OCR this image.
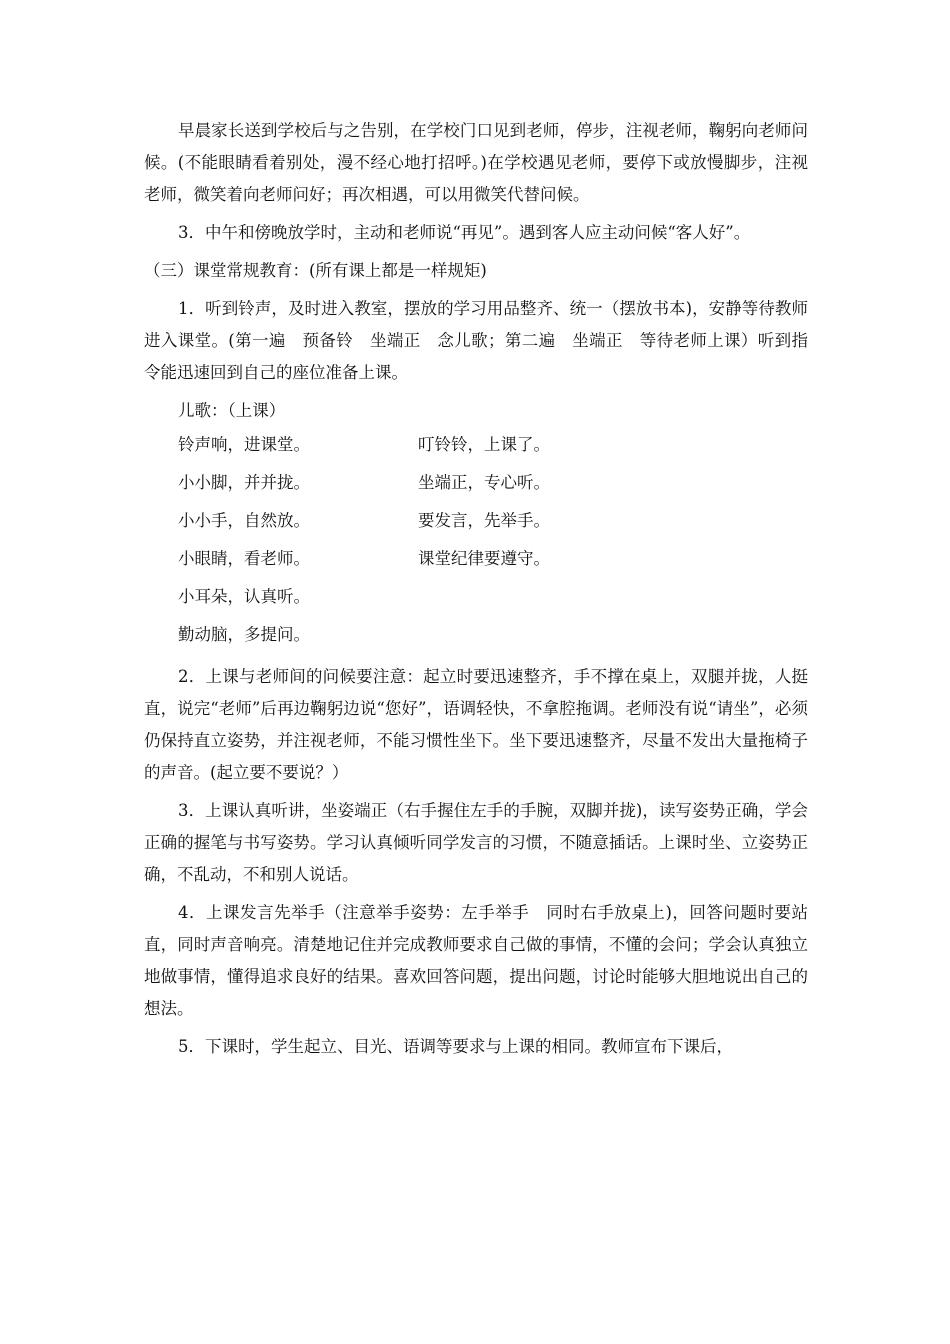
早晨家长送到学校后与之告别，在学校门口见到老师，停步，注视老师，鞠躬向老师问候。(不能眼睛看着别处，漫不经心地打招呼。)在学校遇见老师，要停下或放慢脚步，注视老师，微笑着向老师问好；再次相遇，可以用微笑代替问候。

3．中午和傍晚放学时，主动和老师说“再见”。遇到客人应主动问候“客人好”。

（三）课堂常规教育：(所有课上都是一样规矩)

1．听到铃声，及时进入教室，摆放的学习用品整齐、统一（摆放书本)，安静等待教师进入课堂。(第一遍　预备铃　坐端正　念儿歌；第二遍　坐端正　等待老师上课）听到指令能迅速回到自己的座位准备上课。

儿歌：（上课）
铃声响，进课堂。	叮铃铃，上课了。
小小脚，并并拢。	坐端正，专心听。
小小手，自然放。	要发言，先举手。
小眼睛，看老师。	课堂纪律要遵守。
小耳朵，认真听。
勤动脑，多提问。

2．上课与老师间的问候要注意：起立时要迅速整齐，手不撑在桌上，双腿并拢，人挺直，说完“老师”后再边鞠躬边说“您好”，语调轻快，不拿腔拖调。老师没有说“请坐”，必须仍保持直立姿势，并注视老师，不能习惯性坐下。坐下要迅速整齐，尽量不发出大量拖椅子的声音。(起立要不要说？）

3．上课认真听讲，坐姿端正（右手握住左手的手腕，双脚并拢)，读写姿势正确，学会正确的握笔与书写姿势。学习认真倾听同学发言的习惯，不随意插话。上课时坐、立姿势正确，不乱动，不和别人说话。

4．上课发言先举手（注意举手姿势：左手举手　同时右手放桌上)，回答问题时要站直，同时声音响亮。清楚地记住并完成教师要求自己做的事情，不懂的会问；学会认真独立地做事情，懂得追求良好的结果。喜欢回答问题，提出问题，讨论时能够大胆地说出自己的想法。

5．下课时，学生起立、目光、语调等要求与上课的相同。教师宣布下课后，
